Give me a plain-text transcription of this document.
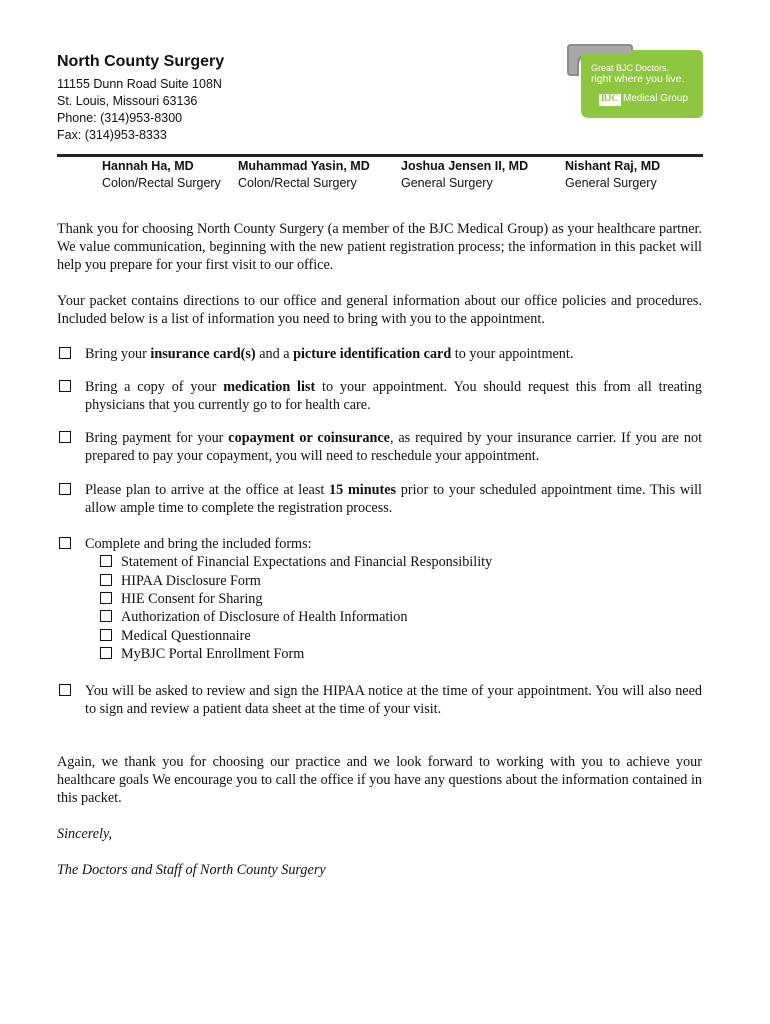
North County Surgery
11155 Dunn Road Suite 108N
St. Louis, Missouri 63136
Phone: (314)953-8300
Fax: (314)953-8333
Great BJC Doctors.
right where you live.
BJC Medical Group
Hannah Ha, MD
Colon/Rectal Surgery
Muhammad Yasin, MD
Colon/Rectal Surgery
Joshua Jensen II, MD
General Surgery
Nishant Raj, MD
General Surgery
Thank you for choosing North County Surgery (a member of the BJC Medical Group) as your healthcare partner. We value communication, beginning with the new patient registration process; the information in this packet will help you prepare for your first visit to our office.
Your packet contains directions to our office and general information about our office policies and procedures. Included below is a list of information you need to bring with you to the appointment.
Bring your insurance card(s) and a picture identification card to your appointment.
Bring a copy of your medication list to your appointment. You should request this from all treating physicians that you currently go to for health care.
Bring payment for your copayment or coinsurance, as required by your insurance carrier. If you are not prepared to pay your copayment, you will need to reschedule your appointment.
Please plan to arrive at the office at least 15 minutes prior to your scheduled appointment time. This will allow ample time to complete the registration process.
Complete and bring the included forms:
Statement of Financial Expectations and Financial Responsibility
HIPAA Disclosure Form
HIE Consent for Sharing
Authorization of Disclosure of Health Information
Medical Questionnaire
MyBJC Portal Enrollment Form
You will be asked to review and sign the HIPAA notice at the time of your appointment. You will also need to sign and review a patient data sheet at the time of your visit.
Again, we thank you for choosing our practice and we look forward to working with you to achieve your healthcare goals We encourage you to call the office if you have any questions about the information contained in this packet.
Sincerely,
The Doctors and Staff of North County Surgery
